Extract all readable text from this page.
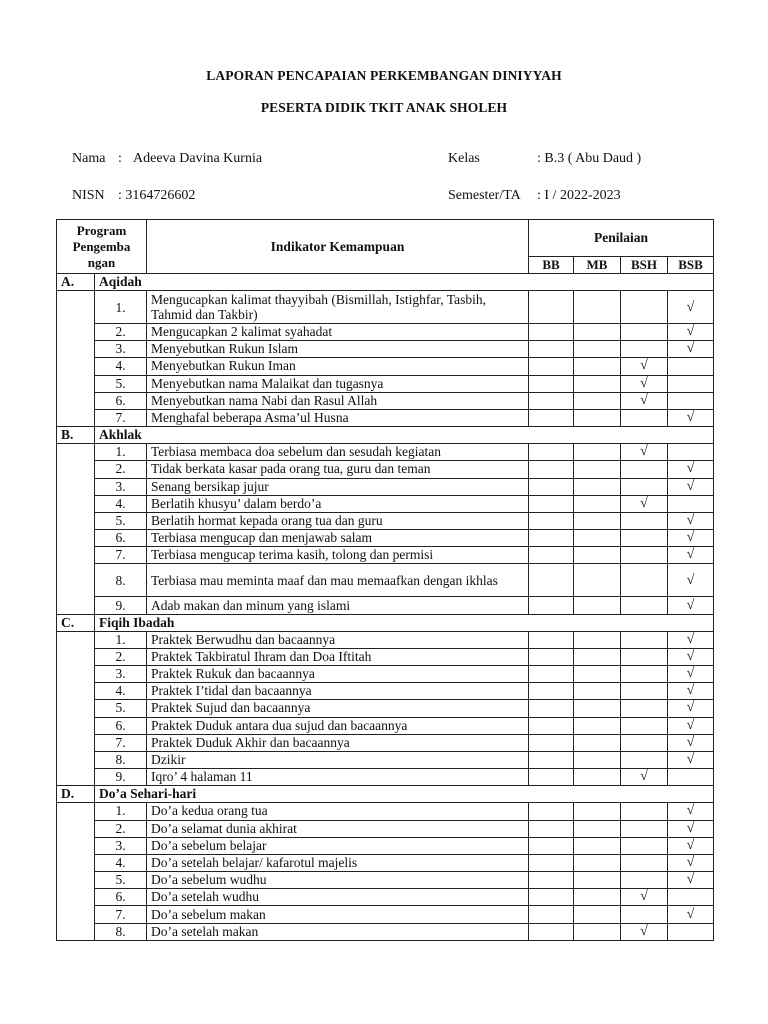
LAPORAN PENCAPAIAN PERKEMBANGAN DINIYYAH
PESERTA DIDIK TKIT ANAK SHOLEH
Nama : Adeeva Davina Kurnia	Kelas	: B.3 ( Abu Daud )
NISN : 3164726602	Semester/TA : I / 2022-2023
Program Pengemba ngan		Indikator Kemampuan	Penilaian			
			BB	MB	BSH	BSB
A.	Aqidah					
	1.	Mengucapkan kalimat thayyibah (Bismillah, Istighfar, Tasbih, Tahmid dan Takbir)				√
	2.	Mengucapkan 2 kalimat syahadat				√
	3.	Menyebutkan Rukun Islam				√
	4.	Menyebutkan Rukun Iman			√	
	5.	Menyebutkan nama Malaikat dan tugasnya			√	
	6.	Menyebutkan nama Nabi dan Rasul Allah			√	
	7.	Menghafal beberapa Asma’ul Husna				√
B.	Akhlak					
	1.	Terbiasa membaca doa sebelum dan sesudah kegiatan			√	
	2.	Tidak berkata kasar pada orang tua, guru dan teman				√
	3.	Senang bersikap jujur				√
	4.	Berlatih khusyu’ dalam berdo’a			√	
	5.	Berlatih hormat kepada orang tua dan guru				√
	6.	Terbiasa mengucap dan menjawab salam				√
	7.	Terbiasa mengucap terima kasih, tolong dan permisi				√
	8.	Terbiasa mau meminta maaf dan mau memaafkan dengan ikhlas				√
	9.	Adab makan dan minum yang islami				√
C.	Fiqih Ibadah					
	1.	Praktek Berwudhu dan bacaannya				√
	2.	Praktek Takbiratul Ihram dan Doa Iftitah				√
	3.	Praktek Rukuk dan bacaannya				√
	4.	Praktek I’tidal dan bacaannya				√
	5.	Praktek Sujud dan bacaannya				√
	6.	Praktek Duduk antara dua sujud dan bacaannya				√
	7.	Praktek Duduk Akhir dan bacaannya				√
	8.	Dzikir				√
	9.	Iqro’ 4 halaman 11			√	
D.	Do’a Sehari-hari					
	1.	Do’a kedua orang tua				√
	2.	Do’a selamat dunia akhirat				√
	3.	Do’a sebelum belajar				√
	4.	Do’a setelah belajar/ kafarotul majelis				√
	5.	Do’a sebelum wudhu				√
	6.	Do’a setelah wudhu			√	
	7.	Do’a sebelum makan				√
	8.	Do’a setelah makan			√	
